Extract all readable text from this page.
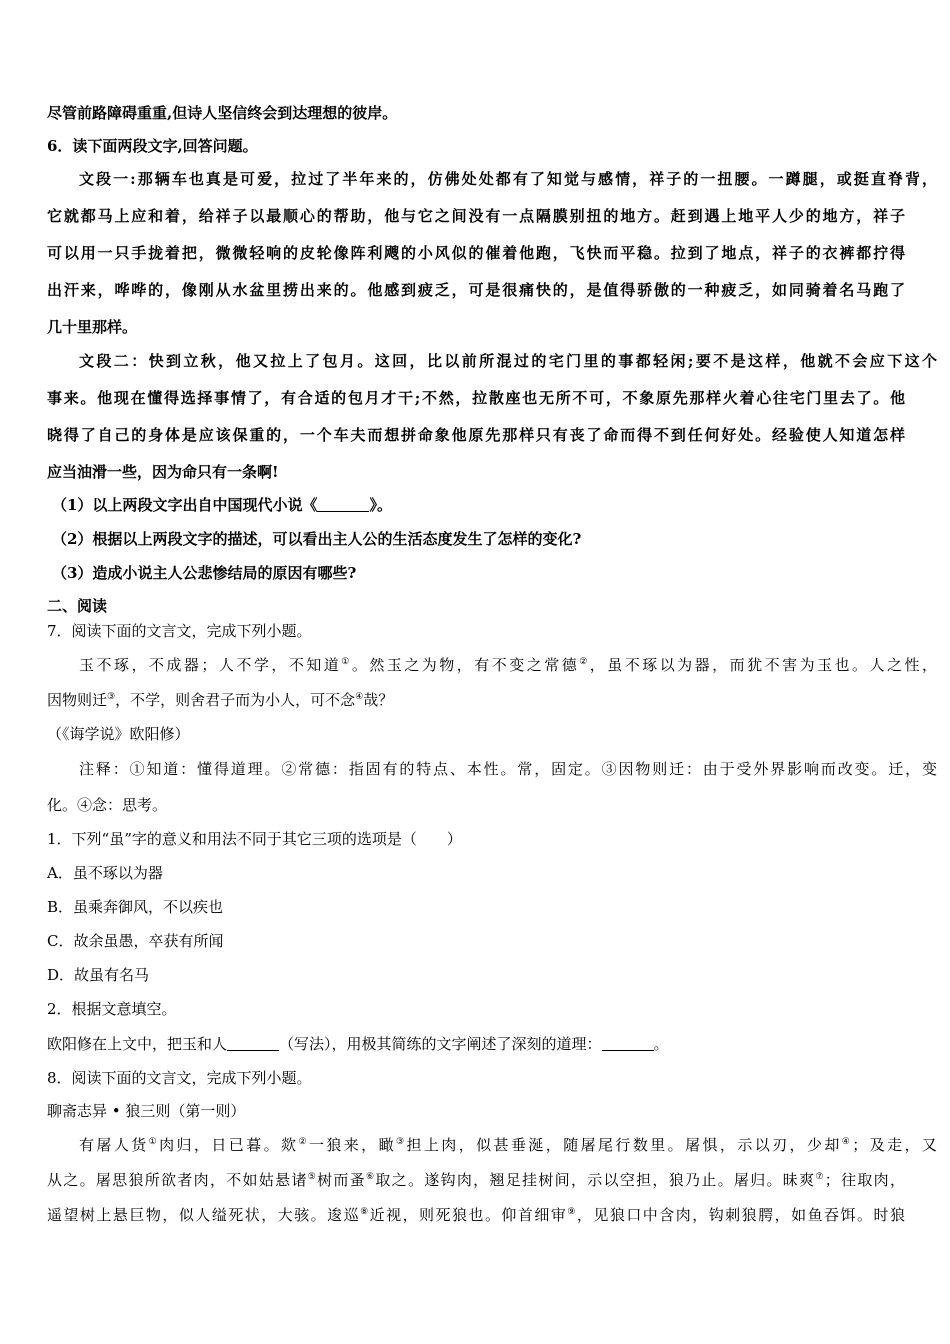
尽管前路障碍重重,但诗人坚信终会到达理想的彼岸。
6．读下面两段文字,回答问题。
文段一:那辆车也真是可爱，拉过了半年来的，仿佛处处都有了知觉与感情，祥子的一扭腰。一蹲腿，或挺直脊背，
它就都马上应和着，给祥子以最顺心的帮助，他与它之间没有一点隔膜别扭的地方。赶到遇上地平人少的地方，祥子
可以用一只手拢着把，微微轻响的皮轮像阵利飕的小风似的催着他跑，飞快而平稳。拉到了地点，祥子的衣裤都拧得
出汗来，哗哗的，像刚从水盆里捞出来的。他感到疲乏，可是很痛快的，是值得骄傲的一种疲乏，如同骑着名马跑了
几十里那样。
文段二：快到立秋，他又拉上了包月。这回，比以前所混过的宅门里的事都轻闲;要不是这样，他就不会应下这个
事来。他现在懂得选择事情了，有合适的包月才干;不然，拉散座也无所不可，不象原先那样火着心往宅门里去了。他
晓得了自己的身体是应该保重的，一个车夫而想拼命象他原先那样只有丧了命而得不到任何好处。经验使人知道怎样
应当油滑一些，因为命只有一条啊!
（1）以上两段文字出自中国现代小说《	》。
（2）根据以上两段文字的描述，可以看出主人公的生活态度发生了怎样的变化?
（3）造成小说主人公悲惨结局的原因有哪些?
二、阅读
7．阅读下面的文言文，完成下列小题。
玉不琢，不成器；人不学，不知道①。然玉之为物，有不变之常德②，虽不琢以为器，而犹不害为玉也。人之性，
因物则迁③，不学，则舍君子而为小人，可不念④哉？
（《诲学说》欧阳修）
注释：①知道：懂得道理。②常德：指固有的特点、本性。常，固定。③因物则迁：由于受外界影响而改变。迁，变
化。④念：思考。
1．下列“虽”字的意义和用法不同于其它三项的选项是（　　）
A．虽不琢以为器
B．虽乘奔御风，不以疾也
C．故余虽愚，卒获有所闻
D．故虽有名马
2．根据文意填空。
欧阳修在上文中，把玉和人	（写法），用极其简练的文字阐述了深刻的道理：	。
8．阅读下面的文言文，完成下列小题。
聊斋志异 • 狼三则（第一则）
有屠人货①肉归，日已暮。欻②一狼来，瞰③担上肉，似甚垂涎，随屠尾行数里。屠惧，示以刃，少却④；及走，又
从之。屠思狼所欲者肉，不如姑悬诸⑤树而蚤⑥取之。遂钩肉，翘足挂树间，示以空担，狼乃止。屠归。昧爽⑦；往取肉，
遥望树上悬巨物，似人缢死状，大骇。逡巡⑧近视，则死狼也。仰首细审⑨，见狼口中含肉，钩刺狼腭，如鱼吞饵。时狼
